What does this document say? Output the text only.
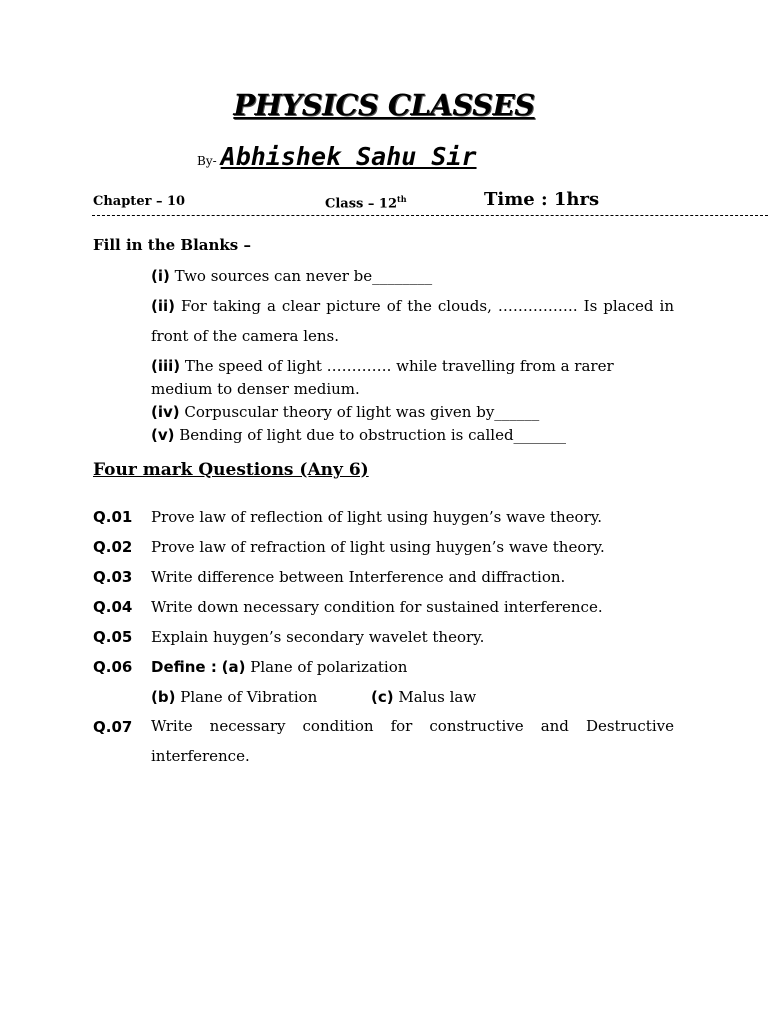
PHYSICS CLASSES
By- Abhishek Sahu Sir
Chapter – 10	Class – 12th	Time : 1hrs
Fill in the Blanks –
(i) Two sources can never be________
(ii) For taking a clear picture of the clouds, ……………. Is placed in front of the camera lens.
(iii) The speed of light …………. while travelling from a rarer
medium to denser medium.
(iv) Corpuscular theory of light was given by______
(v) Bending of light due to obstruction is called_______
Four mark Questions (Any 6)
Q.01 Prove law of reflection of light using huygen’s wave theory.
Q.02 Prove law of refraction of light using huygen’s wave theory.
Q.03 Write difference between Interference and diffraction.
Q.04 Write down necessary condition for sustained interference.
Q.05 Explain huygen’s secondary wavelet theory.
Q.06 Define : (a) Plane of polarization
(b) Plane of Vibration	(c) Malus law
Q.07 Write necessary condition for constructive and Destructive interference.
